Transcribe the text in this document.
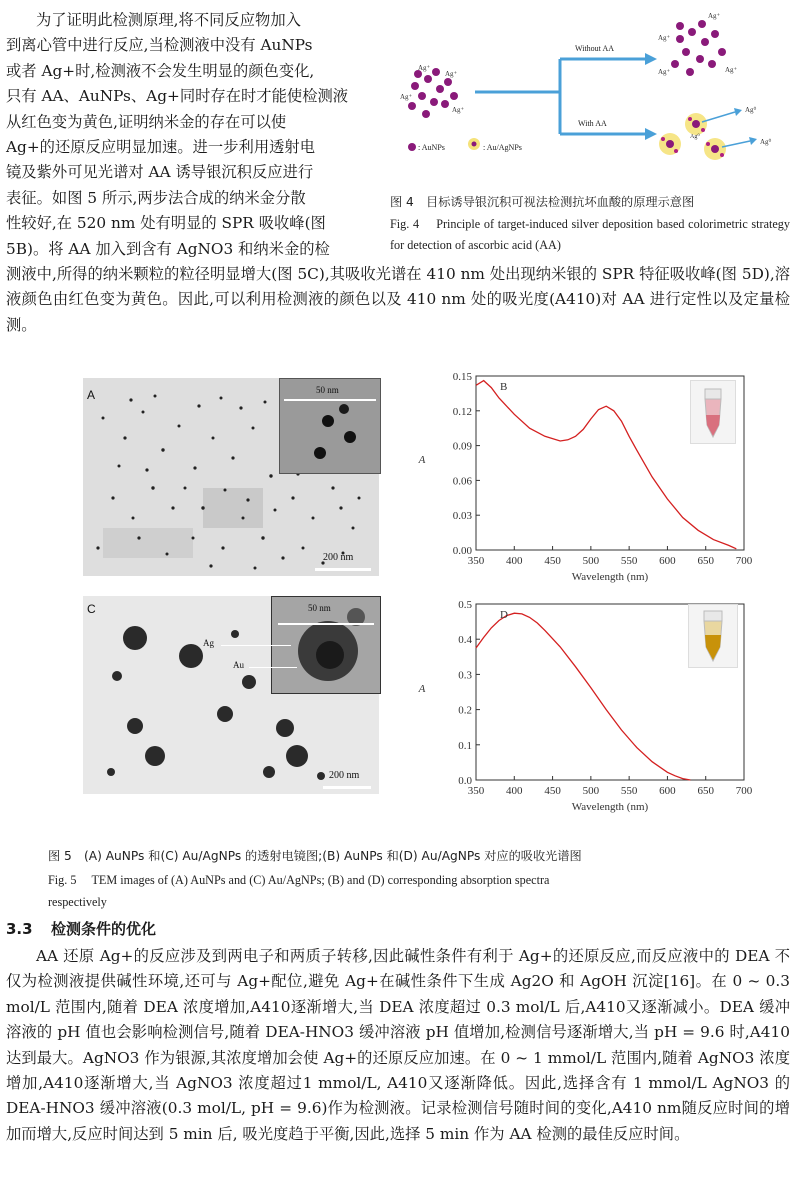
为了证明此检测原理,将不同反应物加入
到离心管中进行反应,当检测液中没有 AuNPs
或者 Ag+时,检测液不会发生明显的颜色变化,
只有 AA、AuNPs、Ag+同时存在时才能使检测液
从红色变为黄色,证明纳米金的存在可以使
Ag+的还原反应明显加速。进一步利用透射电
镜及紫外可见光谱对 AA 诱导银沉积反应进行
表征。如图 5 所示,两步法合成的纳米金分散
性较好,在 520 nm 处有明显的 SPR 吸收峰(图
5B)。将 AA 加入到含有 AgNO3 和纳米金的检
测液中,所得的纳米颗粒的粒径明显增大(图 5C),其吸收光谱在 410 nm 处出现纳米银的 SPR 特征吸收峰(图 5D),溶液颜色由红色变为黄色。因此,可以利用检测液的颜色以及 410 nm 处的吸光度(A410)对 AA 进行定性以及定量检测。
Ag⁺
Ag⁺
Ag⁺
Ag⁺
Without AA
With AA
Ag⁺
Ag⁺
Ag⁺
Ag⁺
Ag⁰
Ag⁰
Ag⁰
: AuNPs	: Au/AgNPs
图 4　目标诱导银沉积可视法检测抗坏血酸的原理示意图
Fig. 4　 Principle of target-induced silver deposition based colorimetric strategy for detection of ascorbic acid (AA)
A	50 nm
200 nm
C	50 nm
Ag
Au
200 nm
350 400 450 500 550 600 650 700
0.00
0.03
0.06
0.09
0.12
0.15
B
Wavelength (nm)
A
350 400 450 500 550 600 650 700
0.0
0.1
0.2
0.3
0.4
0.5
D
Wavelength (nm)
A
图 5　(A) AuNPs 和(C) Au/AgNPs 的透射电镜图;(B) AuNPs 和(D) Au/AgNPs 对应的吸收光谱图
Fig. 5　 TEM images of (A) AuNPs and (C) Au/AgNPs; (B) and (D) corresponding absorption spectra
respectively
3.3 检测条件的优化
AA 还原 Ag+的反应涉及到两电子和两质子转移,因此碱性条件有利于 Ag+的还原反应,而反应液中的 DEA 不仅为检测液提供碱性环境,还可与 Ag+配位,避免 Ag+在碱性条件下生成 Ag2O 和 AgOH 沉淀[16]。在 0 ~ 0.3 mol/L 范围内,随着 DEA 浓度增加,A410逐渐增大,当 DEA 浓度超过 0.3 mol/L 后,A410又逐渐减小。DEA 缓冲溶液的 pH 值也会影响检测信号,随着 DEA-HNO3 缓冲溶液 pH 值增加,检测信号逐渐增大,当 pH = 9.6 时,A410达到最大。AgNO3 作为银源,其浓度增加会使 Ag+的还原反应加速。在 0 ~ 1 mmol/L 范围内,随着 AgNO3 浓度增加,A410逐渐增大,当 AgNO3 浓度超过1 mmol/L, A410又逐渐降低。因此,选择含有 1 mmol/L AgNO3 的 DEA-HNO3 缓冲溶液(0.3 mol/L, pH = 9.6)作为检测液。记录检测信号随时间的变化,A410 nm随反应时间的增加而增大,反应时间达到 5 min 后, 吸光度趋于平衡,因此,选择 5 min 作为 AA 检测的最佳反应时间。
